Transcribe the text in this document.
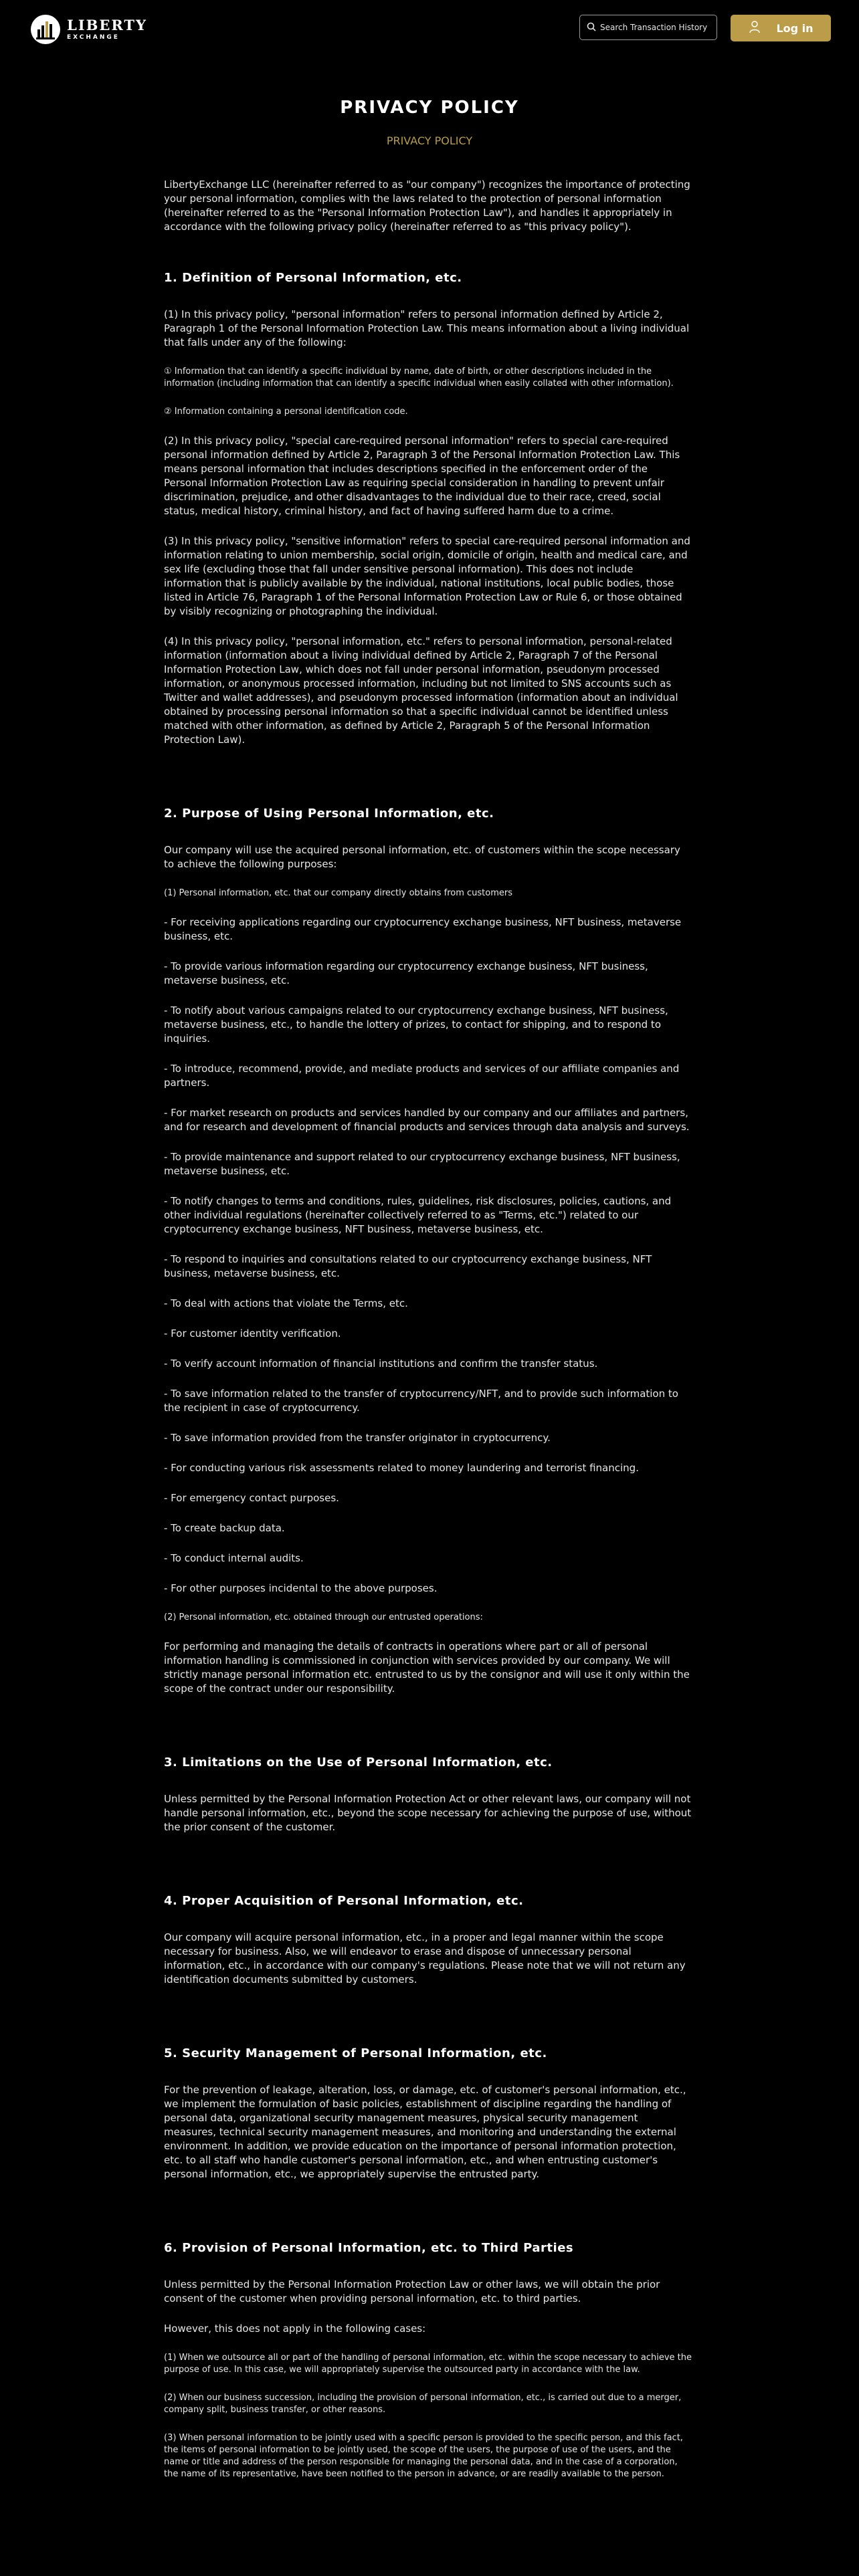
LIBERTY
EXCHANGE
Search Transaction History	Log in
PRIVACY POLICY
PRIVACY POLICY

LibertyExchange LLC (hereinafter referred to as "our company") recognizes the importance of protecting your personal information, complies with the laws related to the protection of personal information (hereinafter referred to as the "Personal Information Protection Law"), and handles it appropriately in accordance with the following privacy policy (hereinafter referred to as "this privacy policy").

1. Definition of Personal Information, etc.

(1) In this privacy policy, "personal information" refers to personal information defined by Article 2, Paragraph 1 of the Personal Information Protection Law. This means information about a living individual that falls under any of the following:

① Information that can identify a specific individual by name, date of birth, or other descriptions included in the information (including information that can identify a specific individual when easily collated with other information).

② Information containing a personal identification code.

(2) In this privacy policy, "special care-required personal information" refers to special care-required personal information defined by Article 2, Paragraph 3 of the Personal Information Protection Law. This means personal information that includes descriptions specified in the enforcement order of the Personal Information Protection Law as requiring special consideration in handling to prevent unfair discrimination, prejudice, and other disadvantages to the individual due to their race, creed, social status, medical history, criminal history, and fact of having suffered harm due to a crime.

(3) In this privacy policy, "sensitive information" refers to special care-required personal information and information relating to union membership, social origin, domicile of origin, health and medical care, and sex life (excluding those that fall under sensitive personal information). This does not include information that is publicly available by the individual, national institutions, local public bodies, those listed in Article 76, Paragraph 1 of the Personal Information Protection Law or Rule 6, or those obtained by visibly recognizing or photographing the individual.

(4) In this privacy policy, "personal information, etc." refers to personal information, personal-related information (information about a living individual defined by Article 2, Paragraph 7 of the Personal Information Protection Law, which does not fall under personal information, pseudonym processed information, or anonymous processed information, including but not limited to SNS accounts such as Twitter and wallet addresses), and pseudonym processed information (information about an individual obtained by processing personal information so that a specific individual cannot be identified unless matched with other information, as defined by Article 2, Paragraph 5 of the Personal Information Protection Law).

2. Purpose of Using Personal Information, etc.

Our company will use the acquired personal information, etc. of customers within the scope necessary to achieve the following purposes:

(1) Personal information, etc. that our company directly obtains from customers

- For receiving applications regarding our cryptocurrency exchange business, NFT business, metaverse business, etc.

- To provide various information regarding our cryptocurrency exchange business, NFT business, metaverse business, etc.

- To notify about various campaigns related to our cryptocurrency exchange business, NFT business, metaverse business, etc., to handle the lottery of prizes, to contact for shipping, and to respond to inquiries.

- To introduce, recommend, provide, and mediate products and services of our affiliate companies and partners.

- For market research on products and services handled by our company and our affiliates and partners, and for research and development of financial products and services through data analysis and surveys.

- To provide maintenance and support related to our cryptocurrency exchange business, NFT business, metaverse business, etc.

- To notify changes to terms and conditions, rules, guidelines, risk disclosures, policies, cautions, and other individual regulations (hereinafter collectively referred to as "Terms, etc.") related to our cryptocurrency exchange business, NFT business, metaverse business, etc.

- To respond to inquiries and consultations related to our cryptocurrency exchange business, NFT business, metaverse business, etc.

- To deal with actions that violate the Terms, etc.

- For customer identity verification.

- To verify account information of financial institutions and confirm the transfer status.

- To save information related to the transfer of cryptocurrency/NFT, and to provide such information to the recipient in case of cryptocurrency.

- To save information provided from the transfer originator in cryptocurrency.

- For conducting various risk assessments related to money laundering and terrorist financing.

- For emergency contact purposes.

- To create backup data.

- To conduct internal audits.

- For other purposes incidental to the above purposes.

(2) Personal information, etc. obtained through our entrusted operations:

For performing and managing the details of contracts in operations where part or all of personal information handling is commissioned in conjunction with services provided by our company. We will strictly manage personal information etc. entrusted to us by the consignor and will use it only within the scope of the contract under our responsibility.

3. Limitations on the Use of Personal Information, etc.

Unless permitted by the Personal Information Protection Act or other relevant laws, our company will not handle personal information, etc., beyond the scope necessary for achieving the purpose of use, without the prior consent of the customer.

4. Proper Acquisition of Personal Information, etc.

Our company will acquire personal information, etc., in a proper and legal manner within the scope necessary for business. Also, we will endeavor to erase and dispose of unnecessary personal information, etc., in accordance with our company's regulations. Please note that we will not return any identification documents submitted by customers.

5. Security Management of Personal Information, etc.

For the prevention of leakage, alteration, loss, or damage, etc. of customer's personal information, etc., we implement the formulation of basic policies, establishment of discipline regarding the handling of personal data, organizational security management measures, physical security management measures, technical security management measures, and monitoring and understanding the external environment. In addition, we provide education on the importance of personal information protection, etc. to all staff who handle customer's personal information, etc., and when entrusting customer's personal information, etc., we appropriately supervise the entrusted party.

6. Provision of Personal Information, etc. to Third Parties

Unless permitted by the Personal Information Protection Law or other laws, we will obtain the prior consent of the customer when providing personal information, etc. to third parties.

However, this does not apply in the following cases:

(1) When we outsource all or part of the handling of personal information, etc. within the scope necessary to achieve the purpose of use. In this case, we will appropriately supervise the outsourced party in accordance with the law.

(2) When our business succession, including the provision of personal information, etc., is carried out due to a merger, company split, business transfer, or other reasons.

(3) When personal information to be jointly used with a specific person is provided to the specific person, and this fact, the items of personal information to be jointly used, the scope of the users, the purpose of use of the users, and the name or title and address of the person responsible for managing the personal data, and in the case of a corporation, the name of its representative, have been notified to the person in advance, or are readily available to the person.
